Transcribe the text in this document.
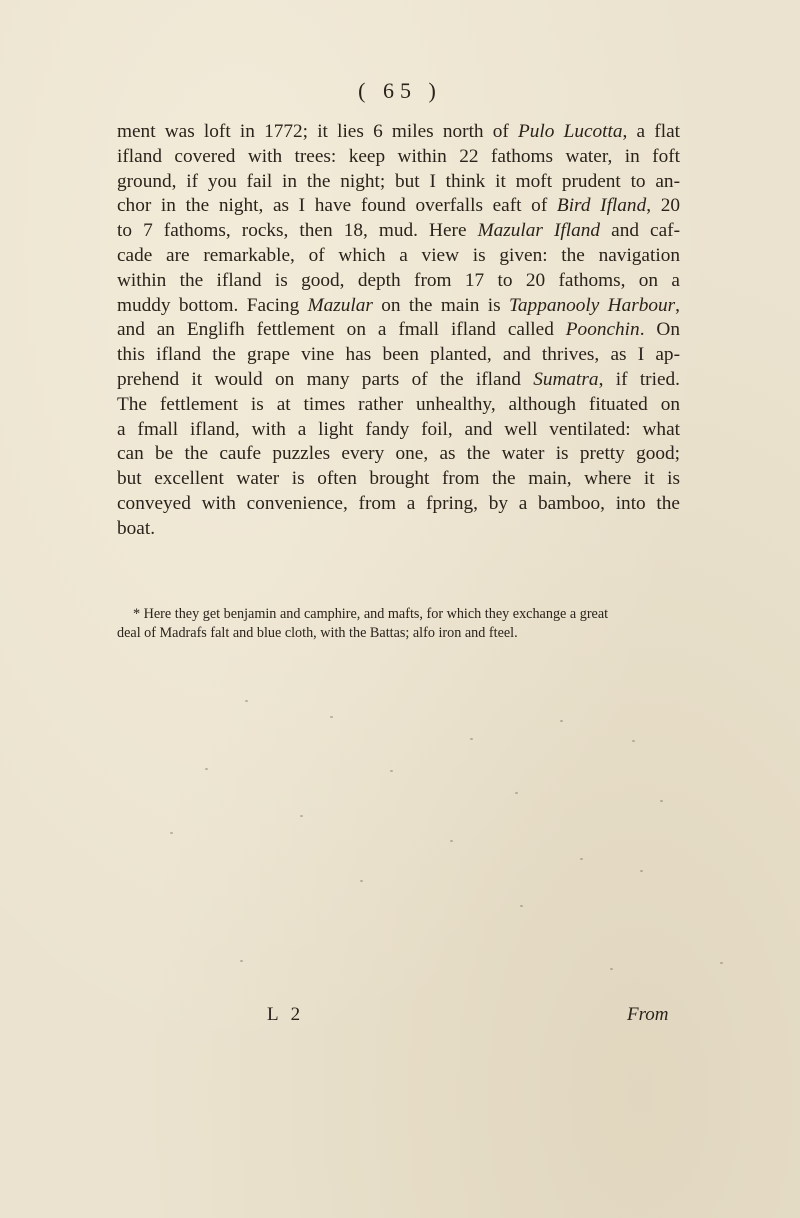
( 65 )
ment was loft in 1772; it lies 6 miles north of Pulo Lucotta, a flat
ifland covered with trees: keep within 22 fathoms water, in foft
ground, if you fail in the night; but I think it moft prudent to an-
chor in the night, as I have found overfalls eaft of Bird Ifland, 20
to 7 fathoms, rocks, then 18, mud. Here Mazular Ifland and caf-
cade are remarkable, of which a view is given: the navigation
within the ifland is good, depth from 17 to 20 fathoms, on a
muddy bottom. Facing Mazular on the main is Tappanooly Harbour,
and an Englifh fettlement on a fmall ifland called Poonchin. On
this ifland the grape vine has been planted, and thrives, as I ap-
prehend it would on many parts of the ifland Sumatra, if tried.
The fettlement is at times rather unhealthy, although fituated on
a fmall ifland, with a light fandy foil, and well ventilated: what
can be the caufe puzzles every one, as the water is pretty good;
but excellent water is often brought from the main, where it is
conveyed with convenience, from a fpring, by a bamboo, into the
boat.
* Here they get benjamin and camphire, and mafts, for which they exchange a great
deal of Madrafs falt and blue cloth, with the Battas; alfo iron and fteel.
L 2	From
